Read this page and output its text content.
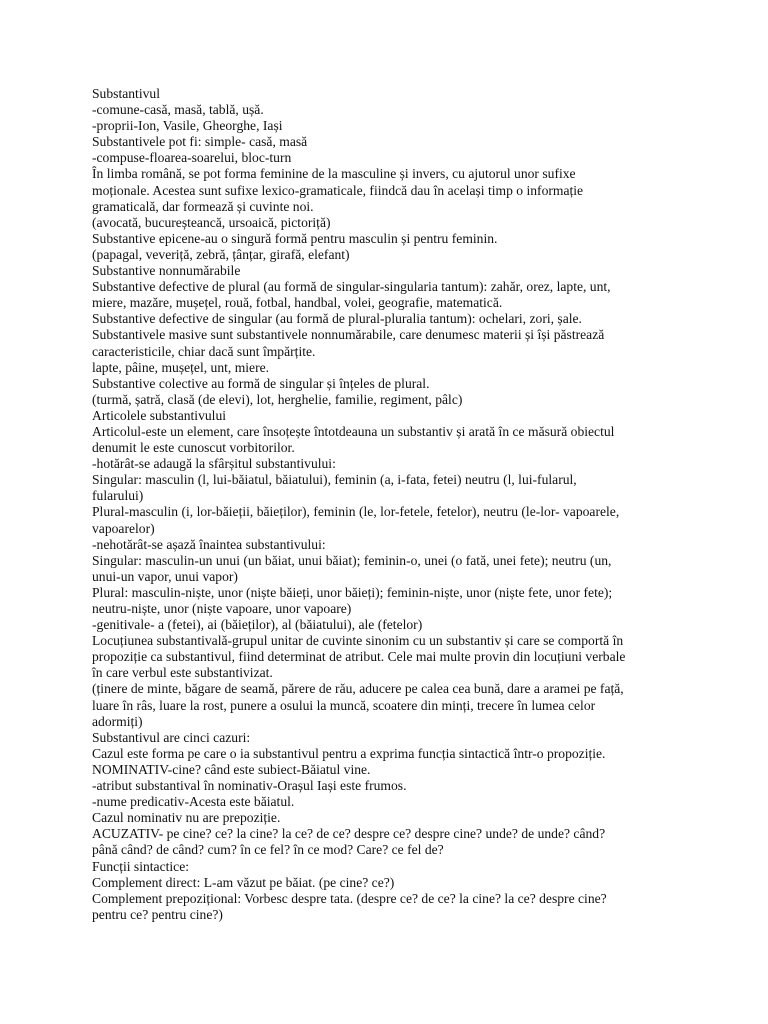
Substantivul
-comune-casă, masă, tablă, ușă.
-proprii-Ion, Vasile, Gheorghe, Iași
Substantivele pot fi: simple- casă, masă
-compuse-floarea-soarelui, bloc-turn
În limba română, se pot forma feminine de la masculine și invers, cu ajutorul unor sufixe
moționale. Acestea sunt sufixe lexico-gramaticale, fiindcă dau în același timp o informație
gramaticală, dar formează și cuvinte noi.
(avocată, bucureșteancă, ursoaică, pictoriță)
Substantive epicene-au o singură formă pentru masculin și pentru feminin.
(papagal, veveriță, zebră, țânțar, girafă, elefant)
Substantive nonnumărabile
Substantive defective de plural (au formă de singular-singularia tantum): zahăr, orez, lapte, unt,
miere, mazăre, mușețel, rouă, fotbal, handbal, volei, geografie, matematică.
Substantive defective de singular (au formă de plural-pluralia tantum): ochelari, zori, șale.
Substantivele masive sunt substantivele nonnumărabile, care denumesc materii și își păstrează
caracteristicile, chiar dacă sunt împărțite.
lapte, pâine, mușețel, unt, miere.
Substantive colective au formă de singular și înțeles de plural.
(turmă, șatră, clasă (de elevi), lot, herghelie, familie, regiment, pâlc)
Articolele substantivului
Articolul-este un element, care însoțește întotdeauna un substantiv și arată în ce măsură obiectul
denumit le este cunoscut vorbitorilor.
-hotărât-se adaugă la sfârșitul substantivului:
Singular: masculin (l, lui-băiatul, băiatului), feminin (a, i-fata, fetei) neutru (l, lui-fularul,
fularului)
Plural-masculin (i, lor-băieții, băieților), feminin (le, lor-fetele, fetelor), neutru (le-lor- vapoarele,
vapoarelor)
-nehotărât-se așază înaintea substantivului:
Singular: masculin-un unui (un băiat, unui băiat); feminin-o, unei (o fată, unei fete); neutru (un,
unui-un vapor, unui vapor)
Plural: masculin-niște, unor (niște băieți, unor băieți); feminin-niște, unor (niște fete, unor fete);
neutru-niște, unor (niște vapoare, unor vapoare)
-genitivale- a (fetei), ai (băieților), al (băiatului), ale (fetelor)
Locuțiunea substantivală-grupul unitar de cuvinte sinonim cu un substantiv și care se comportă în
propoziție ca substantivul, fiind determinat de atribut. Cele mai multe provin din locuțiuni verbale
în care verbul este substantivizat.
(ținere de minte, băgare de seamă, părere de rău, aducere pe calea cea bună, dare a aramei pe față,
luare în râs, luare la rost, punere a osului la muncă, scoatere din minți, trecere în lumea celor
adormiți)
Substantivul are cinci cazuri:
Cazul este forma pe care o ia substantivul pentru a exprima funcția sintactică într-o propoziție.
NOMINATIV-cine? când este subiect-Băiatul vine.
-atribut substantival în nominativ-Orașul Iași este frumos.
-nume predicativ-Acesta este băiatul.
Cazul nominativ nu are prepoziție.
ACUZATIV- pe cine? ce? la cine? la ce? de ce? despre ce? despre cine? unde? de unde? când?
până când? de când? cum? în ce fel? în ce mod? Care? ce fel de?
Funcții sintactice:
Complement direct: L-am văzut pe băiat. (pe cine? ce?)
Complement prepozițional: Vorbesc despre tata. (despre ce? de ce? la cine? la ce? despre cine?
pentru ce? pentru cine?)
